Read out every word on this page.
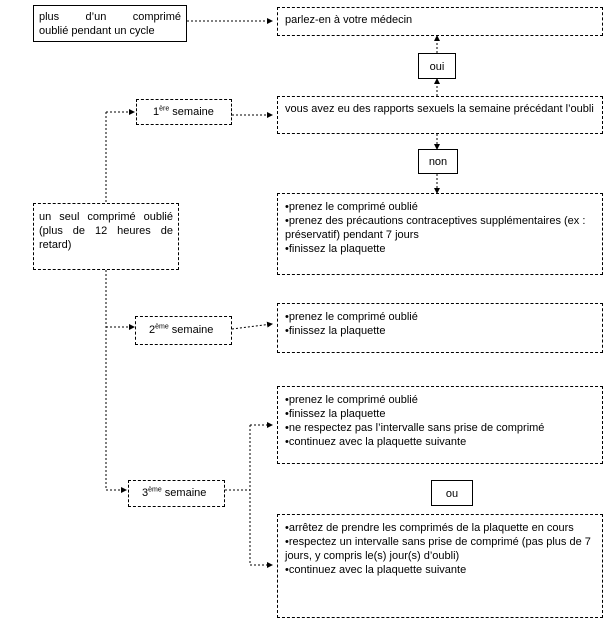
plus d’un comprimé
oublié pendant un cycle
parlez-en à votre médecin
oui
1ère semaine	vous avez eu des rapports sexuels la semaine précédant l’oubli
non
•prenez le comprimé oublié
•prenez des précautions contraceptives supplémentaires (ex : préservatif) pendant 7 jours
•finissez la plaquette
un seul comprimé oublié (plus de 12 heures de retard)
2ème semaine
•prenez le comprimé oublié
•finissez la plaquette
•prenez le comprimé oublié
•finissez la plaquette
•ne respectez pas l’intervalle sans prise de comprimé
•continuez avec la plaquette suivante
3ème semaine	ou
•arrêtez de prendre les comprimés de la plaquette en cours
•respectez un intervalle sans prise de comprimé (pas plus de 7 jours, y compris le(s) jour(s) d’oubli)
•continuez avec la plaquette suivante
